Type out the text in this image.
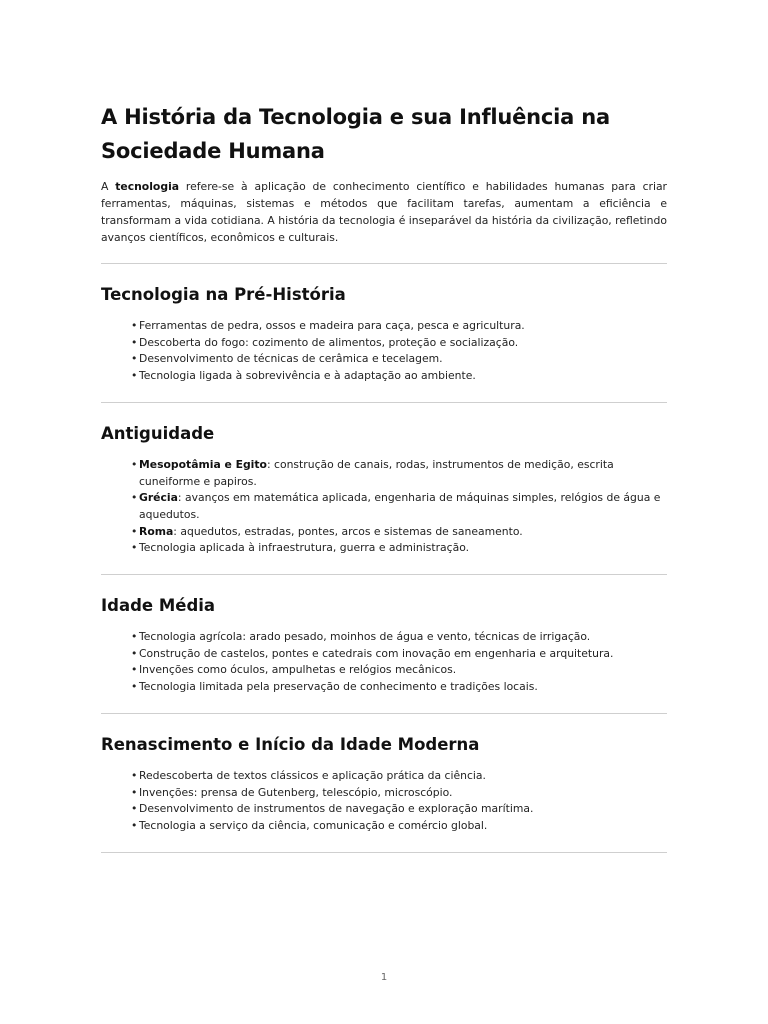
A História da Tecnologia e sua Influência na Sociedade Humana

A tecnologia refere-se à aplicação de conhecimento científico e habilidades humanas para criar ferramentas, máquinas, sistemas e métodos que facilitam tarefas, aumentam a eficiência e transformam a vida cotidiana. A história da tecnologia é inseparável da história da civilização, refletindo avanços científicos, econômicos e culturais.

Tecnologia na Pré-História
• Ferramentas de pedra, ossos e madeira para caça, pesca e agricultura.
• Descoberta do fogo: cozimento de alimentos, proteção e socialização.
• Desenvolvimento de técnicas de cerâmica e tecelagem.
• Tecnologia ligada à sobrevivência e à adaptação ao ambiente.
Antiguidade
• Mesopotâmia e Egito: construção de canais, rodas, instrumentos de medição, escrita cuneiforme e papiros.
• Grécia: avanços em matemática aplicada, engenharia de máquinas simples, relógios de água e aquedutos.
• Roma: aquedutos, estradas, pontes, arcos e sistemas de saneamento.
• Tecnologia aplicada à infraestrutura, guerra e administração.
Idade Média
• Tecnologia agrícola: arado pesado, moinhos de água e vento, técnicas de irrigação.
• Construção de castelos, pontes e catedrais com inovação em engenharia e arquitetura.
• Invenções como óculos, ampulhetas e relógios mecânicos.
• Tecnologia limitada pela preservação de conhecimento e tradições locais.
Renascimento e Início da Idade Moderna
• Redescoberta de textos clássicos e aplicação prática da ciência.
• Invenções: prensa de Gutenberg, telescópio, microscópio.
• Desenvolvimento de instrumentos de navegação e exploração marítima.
• Tecnologia a serviço da ciência, comunicação e comércio global.
1
